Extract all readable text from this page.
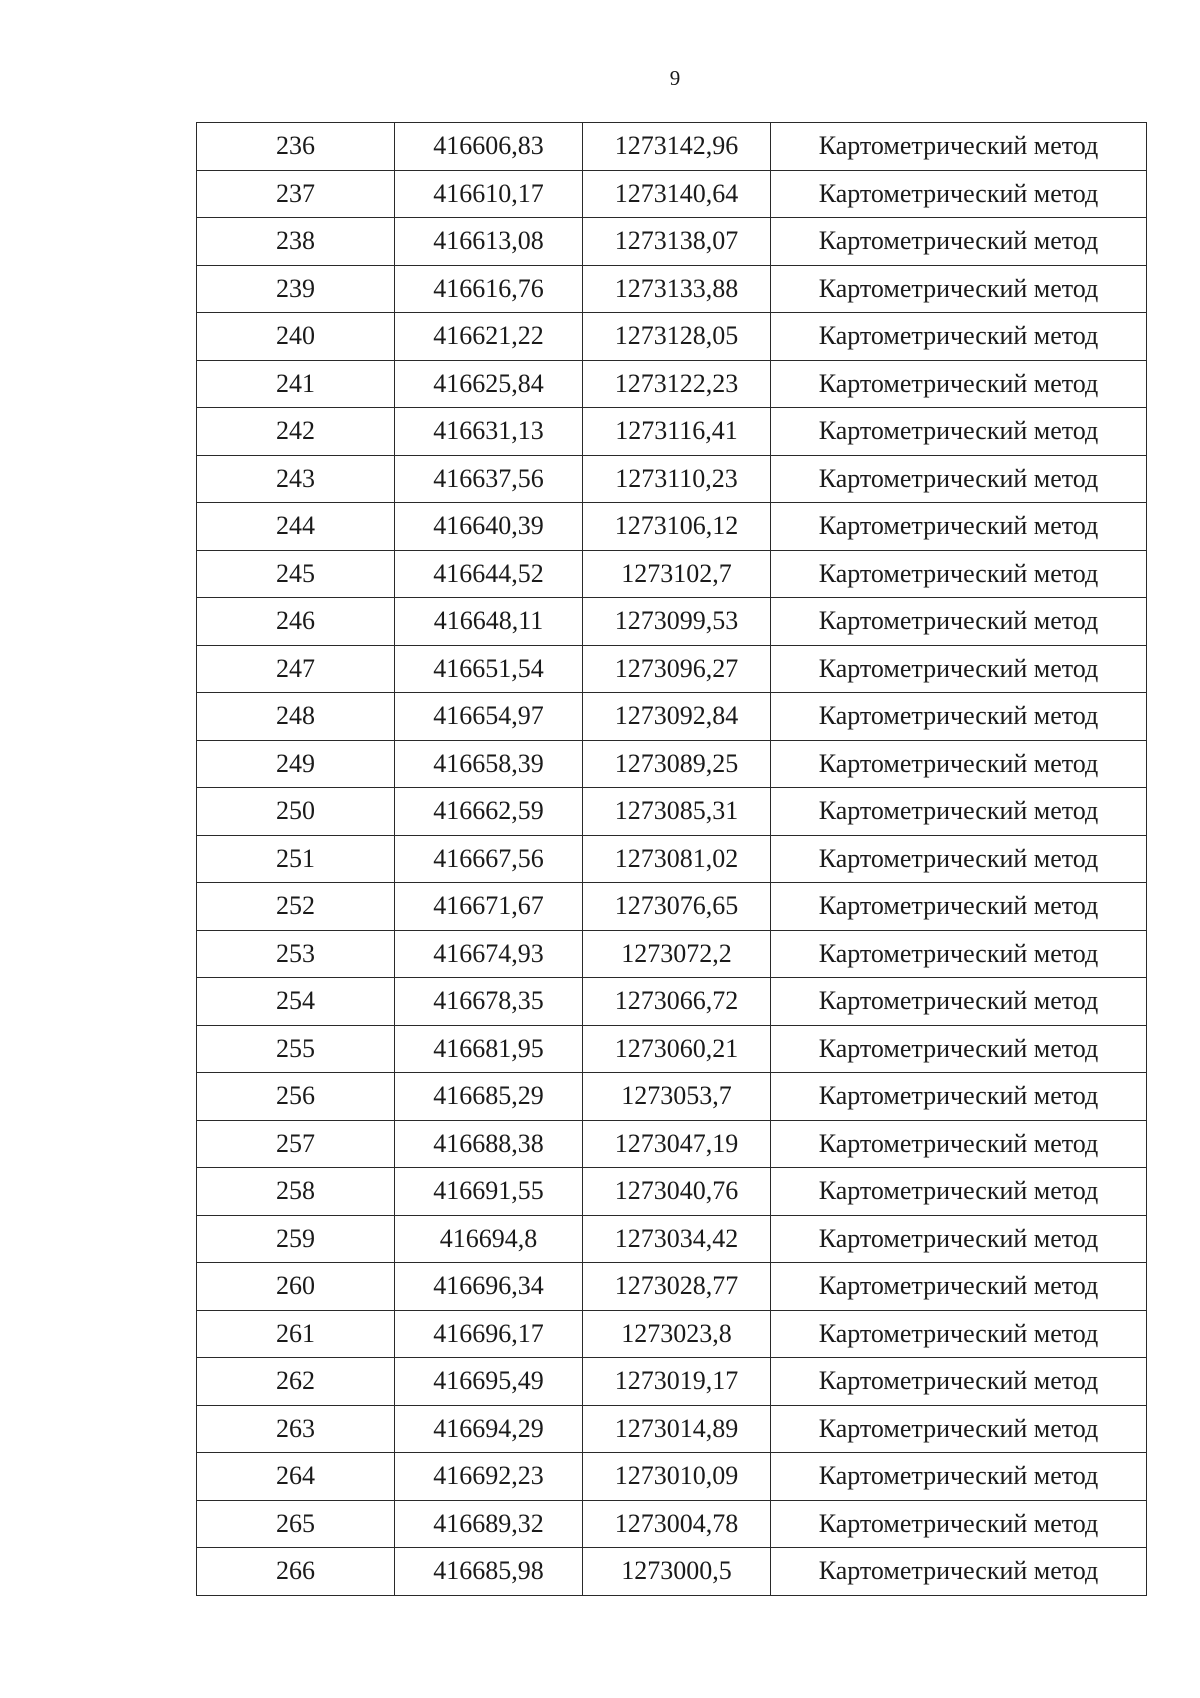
9
236	416606,83	1273142,96	Картометрический метод
237	416610,17	1273140,64	Картометрический метод
238	416613,08	1273138,07	Картометрический метод
239	416616,76	1273133,88	Картометрический метод
240	416621,22	1273128,05	Картометрический метод
241	416625,84	1273122,23	Картометрический метод
242	416631,13	1273116,41	Картометрический метод
243	416637,56	1273110,23	Картометрический метод
244	416640,39	1273106,12	Картометрический метод
245	416644,52	1273102,7	Картометрический метод
246	416648,11	1273099,53	Картометрический метод
247	416651,54	1273096,27	Картометрический метод
248	416654,97	1273092,84	Картометрический метод
249	416658,39	1273089,25	Картометрический метод
250	416662,59	1273085,31	Картометрический метод
251	416667,56	1273081,02	Картометрический метод
252	416671,67	1273076,65	Картометрический метод
253	416674,93	1273072,2	Картометрический метод
254	416678,35	1273066,72	Картометрический метод
255	416681,95	1273060,21	Картометрический метод
256	416685,29	1273053,7	Картометрический метод
257	416688,38	1273047,19	Картометрический метод
258	416691,55	1273040,76	Картометрический метод
259	416694,8	1273034,42	Картометрический метод
260	416696,34	1273028,77	Картометрический метод
261	416696,17	1273023,8	Картометрический метод
262	416695,49	1273019,17	Картометрический метод
263	416694,29	1273014,89	Картометрический метод
264	416692,23	1273010,09	Картометрический метод
265	416689,32	1273004,78	Картометрический метод
266	416685,98	1273000,5	Картометрический метод
